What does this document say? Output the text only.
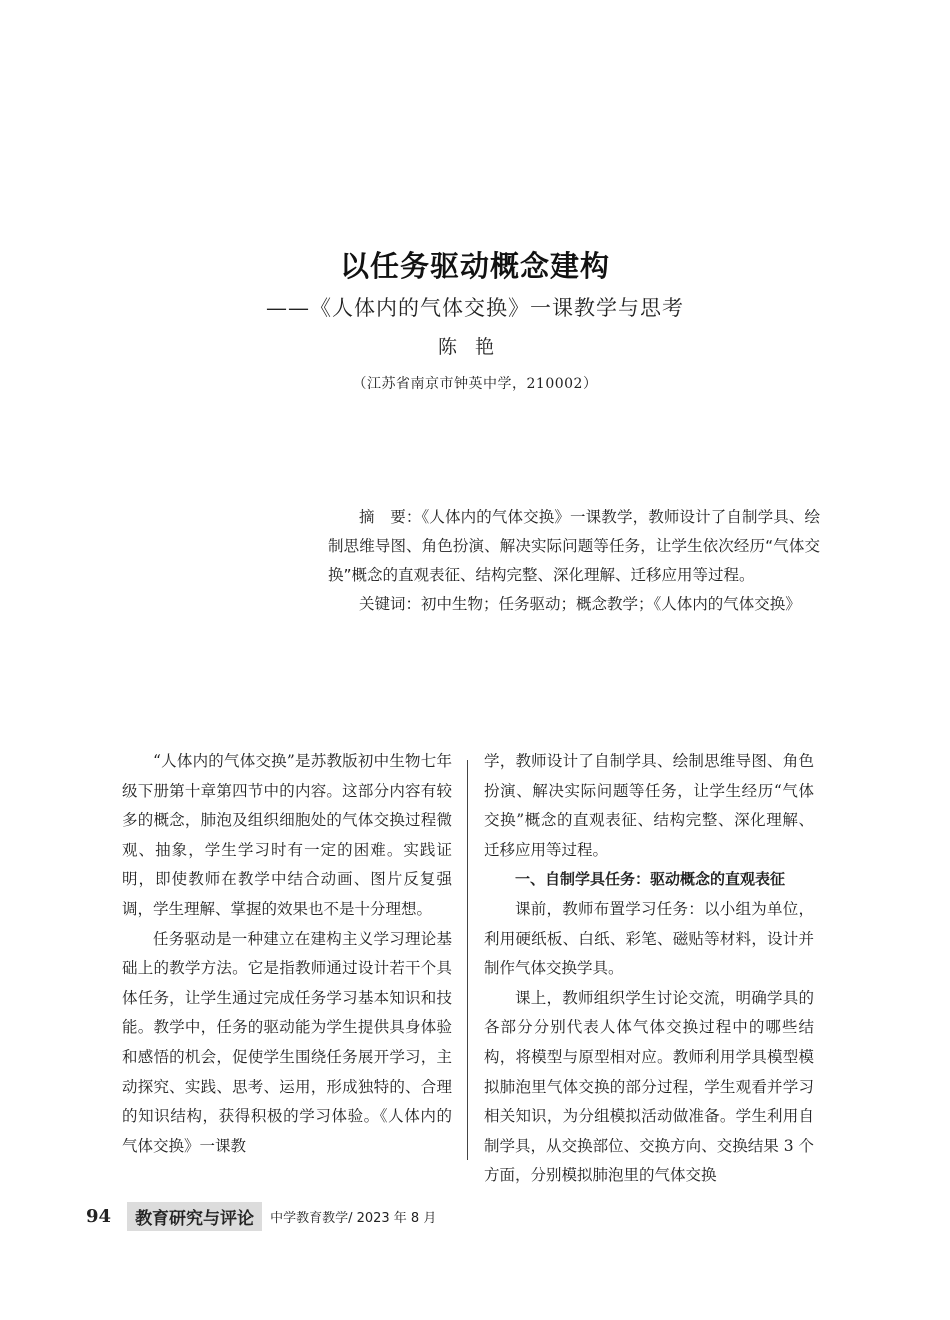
以任务驱动概念建构
——《人体内的气体交换》一课教学与思考
陈艳
（江苏省南京市钟英中学，210002）

摘　要：《人体内的气体交换》一课教学，教师设计了自制学具、绘制思维导图、角色扮演、解决实际问题等任务，让学生依次经历“气体交换”概念的直观表征、结构完整、深化理解、迁移应用等过程。

关键词：初中生物；任务驱动；概念教学；《人体内的气体交换》

“人体内的气体交换”是苏教版初中生物七年级下册第十章第四节中的内容。这部分内容有较多的概念，肺泡及组织细胞处的气体交换过程微观、抽象，学生学习时有一定的困难。实践证明，即使教师在教学中结合动画、图片反复强调，学生理解、掌握的效果也不是十分理想。

任务驱动是一种建立在建构主义学习理论基础上的教学方法。它是指教师通过设计若干个具体任务，让学生通过完成任务学习基本知识和技能。教学中，任务的驱动能为学生提供具身体验和感悟的机会，促使学生围绕任务展开学习，主动探究、实践、思考、运用，形成独特的、合理的知识结构，获得积极的学习体验。《人体内的气体交换》一课教

学，教师设计了自制学具、绘制思维导图、角色扮演、解决实际问题等任务，让学生经历“气体交换”概念的直观表征、结构完整、深化理解、迁移应用等过程。

一、自制学具任务：驱动概念的直观表征

课前，教师布置学习任务：以小组为单位，利用硬纸板、白纸、彩笔、磁贴等材料，设计并制作气体交换学具。

课上，教师组织学生讨论交流，明确学具的各部分分别代表人体气体交换过程中的哪些结构，将模型与原型相对应。教师利用学具模型模拟肺泡里气体交换的部分过程，学生观看并学习相关知识，为分组模拟活动做准备。学生利用自制学具，从交换部位、交换方向、交换结果 3 个方面，分别模拟肺泡里的气体交换

94	教育研究与评论	中学教育教学/ 2023 年 8 月
